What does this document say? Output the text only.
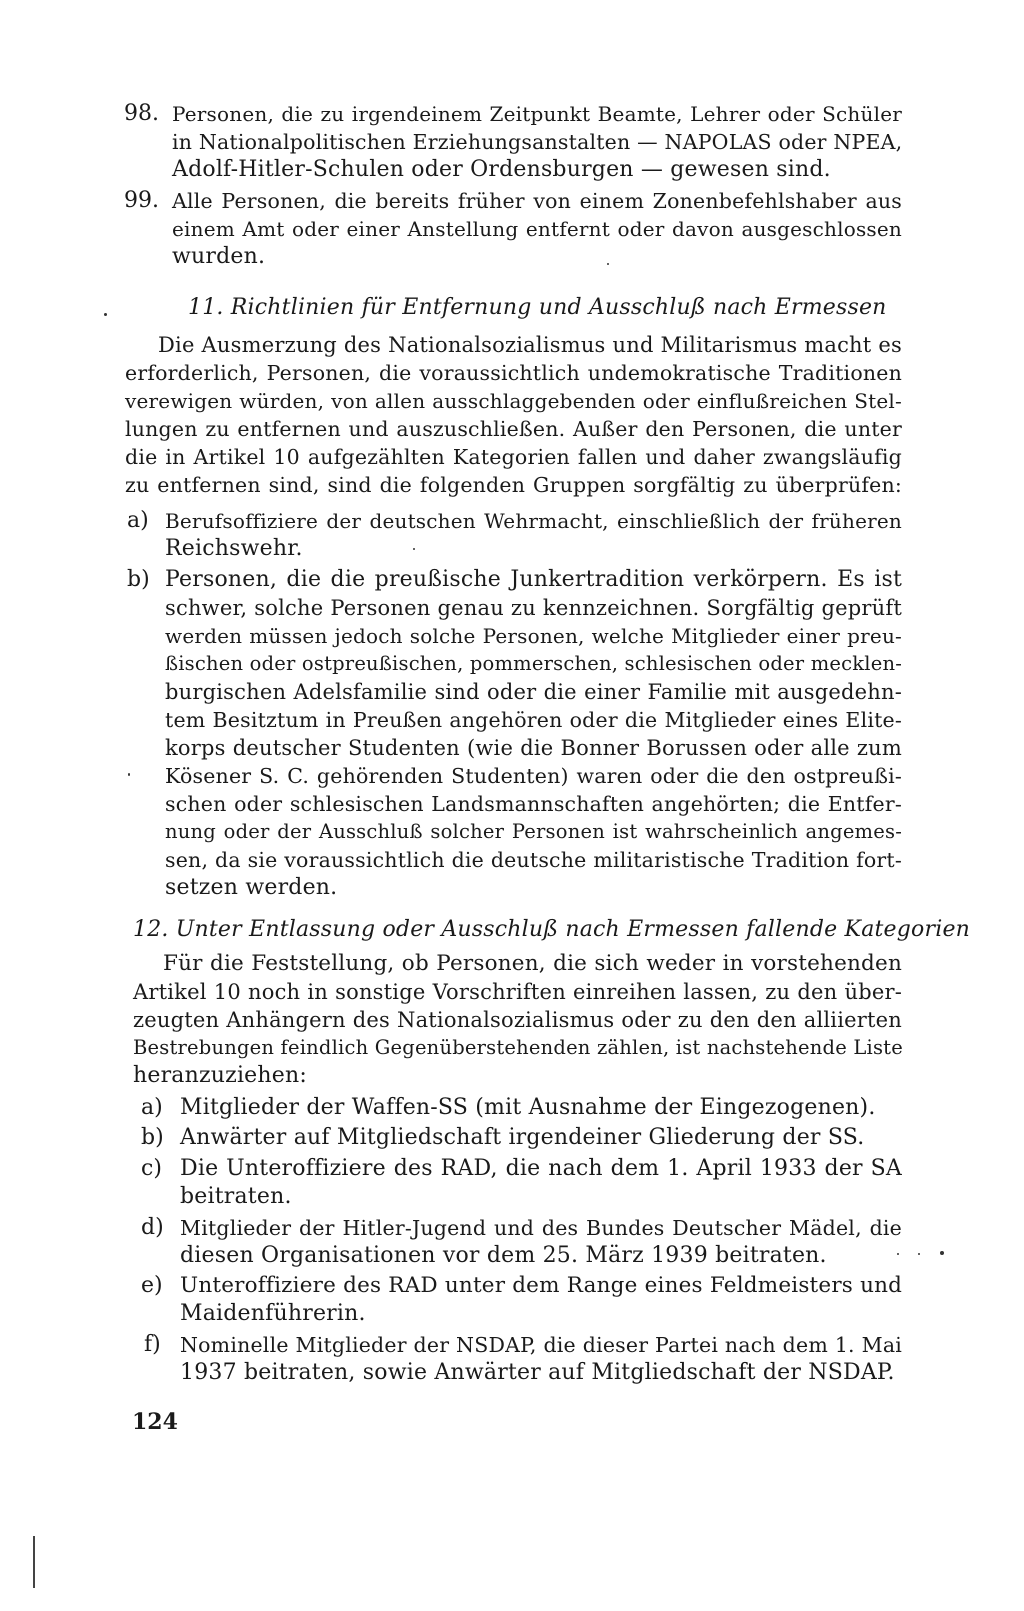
98. Personen, die zu irgendeinem Zeitpunkt Beamte, Lehrer oder Schüler
in Nationalpolitischen Erziehungsanstalten — NAPOLAS oder NPEA,
Adolf-Hitler-Schulen oder Ordensburgen — gewesen sind.
99. Alle Personen, die bereits früher von einem Zonenbefehlshaber aus
einem Amt oder einer Anstellung entfernt oder davon ausgeschlossen
wurden.
11. Richtlinien für Entfernung und Ausschluß nach Ermessen
Die Ausmerzung des Nationalsozialismus und Militarismus macht es
erforderlich, Personen, die voraussichtlich undemokratische Traditionen
verewigen würden, von allen ausschlaggebenden oder einflußreichen Stel-
lungen zu entfernen und auszuschließen. Außer den Personen, die unter
die in Artikel 10 aufgezählten Kategorien fallen und daher zwangsläufig
zu entfernen sind, sind die folgenden Gruppen sorgfältig zu überprüfen:
a) Berufsoffiziere der deutschen Wehrmacht, einschließlich der früheren
Reichswehr.
b) Personen, die die preußische Junkertradition verkörpern. Es ist
schwer, solche Personen genau zu kennzeichnen. Sorgfältig geprüft
werden müssen jedoch solche Personen, welche Mitglieder einer preu-
ßischen oder ostpreußischen, pommerschen, schlesischen oder mecklen-
burgischen Adelsfamilie sind oder die einer Familie mit ausgedehn-
tem Besitztum in Preußen angehören oder die Mitglieder eines Elite-
korps deutscher Studenten (wie die Bonner Borussen oder alle zum
Kösener S. C. gehörenden Studenten) waren oder die den ostpreußi-
schen oder schlesischen Landsmannschaften angehörten; die Entfer-
nung oder der Ausschluß solcher Personen ist wahrscheinlich angemes-
sen, da sie voraussichtlich die deutsche militaristische Tradition fort-
setzen werden.
12. Unter Entlassung oder Ausschluß nach Ermessen fallende Kategorien
Für die Feststellung, ob Personen, die sich weder in vorstehenden
Artikel 10 noch in sonstige Vorschriften einreihen lassen, zu den über-
zeugten Anhängern des Nationalsozialismus oder zu den den alliierten
Bestrebungen feindlich Gegenüberstehenden zählen, ist nachstehende Liste
heranzuziehen:
a) Mitglieder der Waffen-SS (mit Ausnahme der Eingezogenen).
b) Anwärter auf Mitgliedschaft irgendeiner Gliederung der SS.
c) Die Unteroffiziere des RAD, die nach dem 1. April 1933 der SA
beitraten.
d) Mitglieder der Hitler-Jugend und des Bundes Deutscher Mädel, die
diesen Organisationen vor dem 25. März 1939 beitraten.
e) Unteroffiziere des RAD unter dem Range eines Feldmeisters und
Maidenführerin.
f) Nominelle Mitglieder der NSDAP, die dieser Partei nach dem 1. Mai
1937 beitraten, sowie Anwärter auf Mitgliedschaft der NSDAP.
124
